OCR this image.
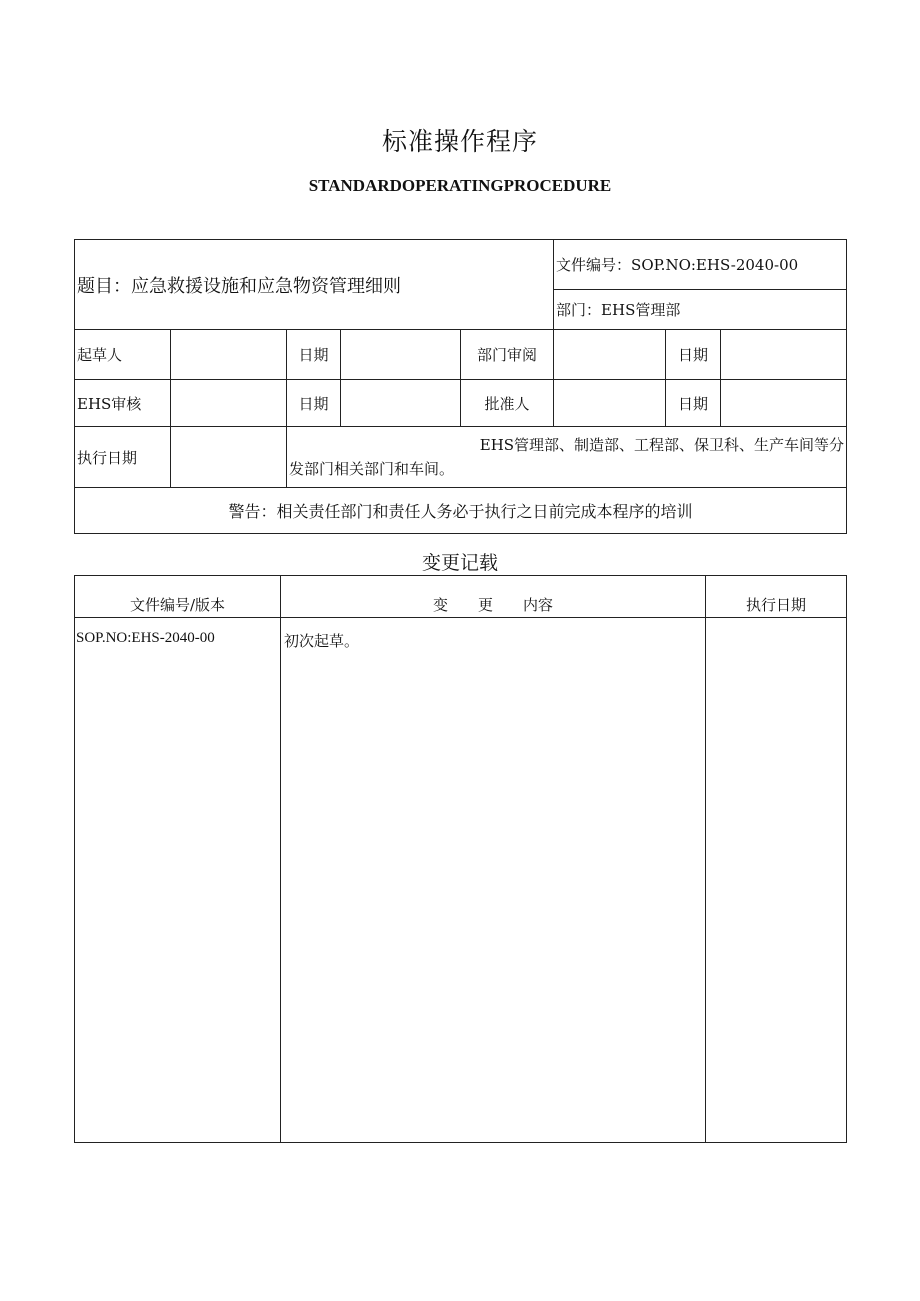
标准操作程序
STANDARDOPERATINGPROCEDURE
题目：应急救援设施和应急物资管理细则					文件编号：SOP.NO:EHS-2040-00		
					部门：EHS管理部		
起草人		日期		部门审阅		日期	
EHS审核		日期		批准人		日期	
执行日期		EHS管理部、制造部、工程部、保卫科、生产车间等分
发部门相关部门和车间。					

警告：相关责任部门和责任人务必于执行之日前完成本程序的培训							
变更记载
文件编号/版本	变　　更　　内容	执行日期
SOP.NO:EHS-2040-00	初次起草。	
